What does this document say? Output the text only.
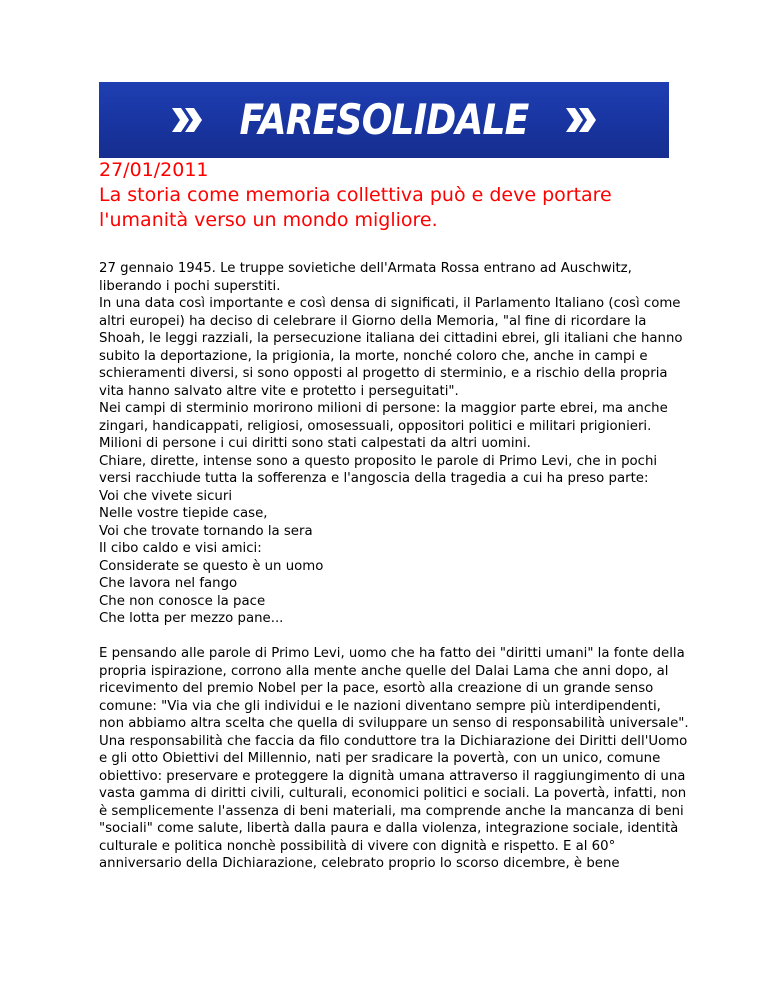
FARESOLIDALE
27/01/2011
La storia come memoria collettiva può e deve portare
l'umanità verso un mondo migliore.

27 gennaio 1945. Le truppe sovietiche dell'Armata Rossa entrano ad Auschwitz, liberando i pochi superstiti.

In una data così importante e così densa di significati, il Parlamento Italiano (così come altri europei) ha deciso di celebrare il Giorno della Memoria, "al fine di ricordare la Shoah, le leggi razziali, la persecuzione italiana dei cittadini ebrei, gli italiani che hanno subito la deportazione, la prigionia, la morte, nonché coloro che, anche in campi e schieramenti diversi, si sono opposti al progetto di sterminio, e a rischio della propria vita hanno salvato altre vite e protetto i perseguitati".

Nei campi di sterminio morirono milioni di persone: la maggior parte ebrei, ma anche zingari, handicappati, religiosi, omosessuali, oppositori politici e militari prigionieri. Milioni di persone i cui diritti sono stati calpestati da altri uomini.

Chiare, dirette, intense sono a questo proposito le parole di Primo Levi, che in pochi versi racchiude tutta la sofferenza e l'angoscia della tragedia a cui ha preso parte:

Voi che vivete sicuri
Nelle vostre tiepide case,
Voi che trovate tornando la sera
Il cibo caldo e visi amici:
Considerate se questo è un uomo
Che lavora nel fango
Che non conosce la pace
Che lotta per mezzo pane...

E pensando alle parole di Primo Levi, uomo che ha fatto dei "diritti umani" la fonte della propria ispirazione, corrono alla mente anche quelle del Dalai Lama che anni dopo, al ricevimento del premio Nobel per la pace, esortò alla creazione di un grande senso comune: "Via via che gli individui e le nazioni diventano sempre più interdipendenti, non abbiamo altra scelta che quella di sviluppare un senso di responsabilità universale". Una responsabilità che faccia da filo conduttore tra la Dichiarazione dei Diritti dell'Uomo e gli otto Obiettivi del Millennio, nati per sradicare la povertà, con un unico, comune obiettivo: preservare e proteggere la dignità umana attraverso il raggiungimento di una vasta gamma di diritti civili, culturali, economici politici e sociali. La povertà, infatti, non è semplicemente l'assenza di beni materiali, ma comprende anche la mancanza di beni "sociali" come salute, libertà dalla paura e dalla violenza, integrazione sociale, identità culturale e politica nonchè possibilità di vivere con dignità e rispetto. E al 60° anniversario della Dichiarazione, celebrato proprio lo scorso dicembre, è bene
